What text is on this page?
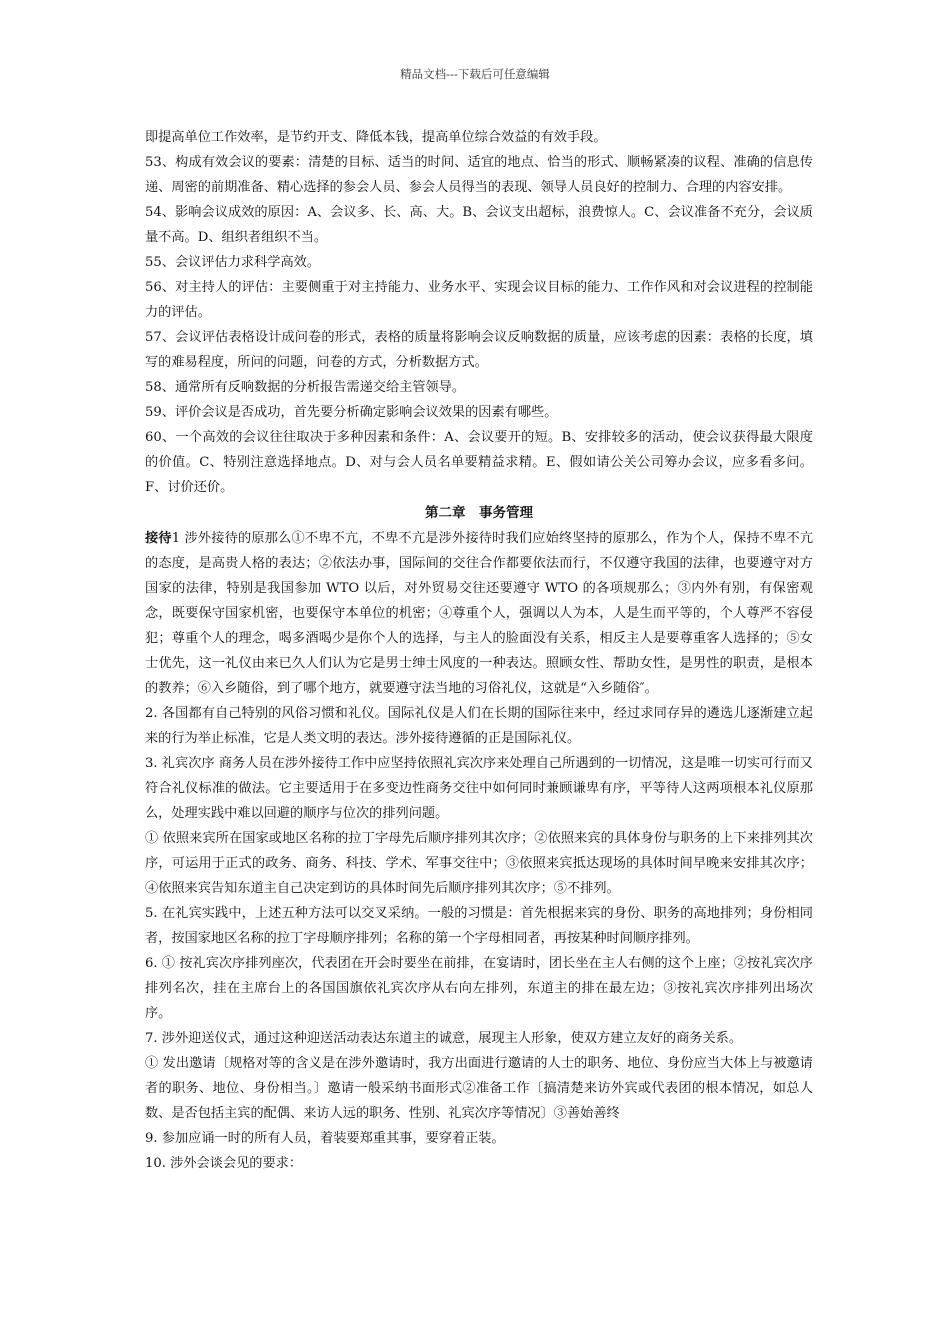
精品文档---下载后可任意编辑

即提高单位工作效率，是节约开支、降低本钱，提高单位综合效益的有效手段。

53、构成有效会议的要素：清楚的目标、适当的时间、适宜的地点、恰当的形式、顺畅紧凑的议程、准确的信息传递、周密的前期准备、精心选择的参会人员、参会人员得当的表现、领导人员良好的控制力、合理的内容安排。

54、影响会议成效的原因：A、会议多、长、高、大。B、会议支出超标，浪费惊人。C、会议准备不充分，会议质量不高。D、组织者组织不当。

55、会议评估力求科学高效。

56、对主持人的评估：主要侧重于对主持能力、业务水平、实现会议目标的能力、工作作风和对会议进程的控制能力的评估。

57、会议评估表格设计成问卷的形式，表格的质量将影响会议反响数据的质量，应该考虑的因素：表格的长度，填写的难易程度，所问的问题，问卷的方式，分析数据方式。

58、通常所有反响数据的分析报告需递交给主管领导。

59、评价会议是否成功，首先要分析确定影响会议效果的因素有哪些。

60、一个高效的会议往往取决于多种因素和条件：A、会议要开的短。B、安排较多的活动，使会议获得最大限度的价值。C、特别注意选择地点。D、对与会人员名单要精益求精。E、假如请公关公司筹办会议，应多看多问。F、讨价还价。

第二章　事务管理

接待1 涉外接待的原那么①不卑不亢，不卑不亢是涉外接待时我们应始终坚持的原那么，作为个人，保持不卑不亢的态度，是高贵人格的表达；②依法办事，国际间的交往合作都要依法而行，不仅遵守我国的法律，也要遵守对方国家的法律，特别是我国参加 WTO 以后，对外贸易交往还要遵守 WTO 的各项规那么；③内外有别，有保密观念，既要保守国家机密，也要保守本单位的机密；④尊重个人，强调以人为本，人是生而平等的，个人尊严不容侵犯；尊重个人的理念，喝多酒喝少是你个人的选择，与主人的脸面没有关系，相反主人是要尊重客人选择的；⑤女士优先，这一礼仪由来已久人们认为它是男士绅士风度的一种表达。照顾女性、帮助女性，是男性的职责，是根本的教养；⑥入乡随俗，到了哪个地方，就要遵守法当地的习俗礼仪，这就是“入乡随俗″。

2. 各国都有自己特别的风俗习惯和礼仪。国际礼仪是人们在长期的国际往来中，经过求同存异的遴选儿逐渐建立起来的行为举止标准，它是人类文明的表达。涉外接待遵循的正是国际礼仪。

3. 礼宾次序 商务人员在涉外接待工作中应坚持依照礼宾次序来处理自己所遇到的一切情况，这是唯一切实可行而又符合礼仪标准的做法。它主要适用于在多变边性商务交往中如何同时兼顾谦卑有序，平等待人这两项根本礼仪原那么，处理实践中难以回避的顺序与位次的排列问题。

① 依照来宾所在国家或地区名称的拉丁字母先后顺序排列其次序；②依照来宾的具体身份与职务的上下来排列其次序，可运用于正式的政务、商务、科技、学术、军事交往中；③依照来宾抵达现场的具体时间早晚来安排其次序；④依照来宾告知东道主自己决定到访的具体时间先后顺序排列其次序；⑤不排列。

5. 在礼宾实践中，上述五种方法可以交叉采纳。一般的习惯是：首先根据来宾的身份、职务的高地排列；身份相同者，按国家地区名称的拉丁字母顺序排列；名称的第一个字母相同者，再按某种时间顺序排列。

6. ① 按礼宾次序排列座次，代表团在开会时要坐在前排，在宴请时，团长坐在主人右侧的这个上座；②按礼宾次序排列名次，挂在主席台上的各国国旗依礼宾次序从右向左排列，东道主的排在最左边；③按礼宾次序排列出场次序。

7. 涉外迎送仪式，通过这种迎送活动表达东道主的诚意，展现主人形象，使双方建立友好的商务关系。

① 发出邀请〔规格对等的含义是在涉外邀请时，我方出面进行邀请的人士的职务、地位、身份应当大体上与被邀请者的职务、地位、身份相当。〕邀请一般采纳书面形式②准备工作〔搞清楚来访外宾或代表团的根本情况，如总人数、是否包括主宾的配偶、来访人远的职务、性别、礼宾次序等情况〕③善始善终

9. 参加应诵一时的所有人员，着装要郑重其事，要穿着正装。

10. 涉外会谈会见的要求：
